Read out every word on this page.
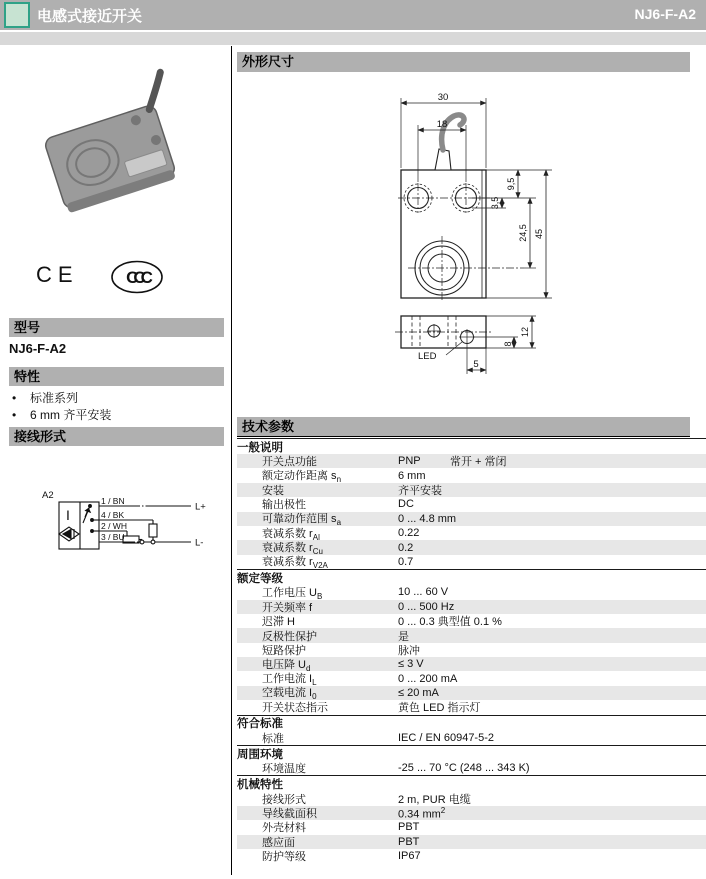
电感式接近开关	NJ6-F-A2
CE	CCC
型号
NJ6-F-A2
特性
•	标准系列
•	6 mm 齐平安装
接线形式
A2
I
1 / BN
4 / BK
2 / WH
3 / BU
L+
L-
外形尺寸
30
18
3,5
9,5
24,5 45
12
8
5
LED
技术参数
一般说明
开关点功能	PNP	常开 + 常闭
额定动作距离 $s_n$	6 mm
安装	齐平安装
输出极性	DC
可靠动作范围 $s_a$	0 ... 4.8 mm
衰减系数 $r_{Al}$	0.22
衰减系数 $r_{Cu}$	0.2
衰减系数 $r_{V2A}$	0.7
额定等级
工作电压 $U_B$	10 ... 60 V
开关频率 f	0 ... 500 Hz
迟滞 H	0 ... 0.3 典型值 0.1 %
反极性保护	是
短路保护	脉冲
电压降 $U_d$	≤ 3 V
工作电流 $I_L$	0 ... 200 mA
空载电流 $I_0$	≤ 20 mA
开关状态指示	黄色 LED 指示灯
符合标准
标准	IEC / EN 60947-5-2
周围环境
环境温度	-25 ... 70 °C (248 ... 343 K)
机械特性
接线形式	2 m, PUR 电缆
导线截面积	0.34 $mm^2$
外壳材料	PBT
感应面	PBT
防护等级	IP67
